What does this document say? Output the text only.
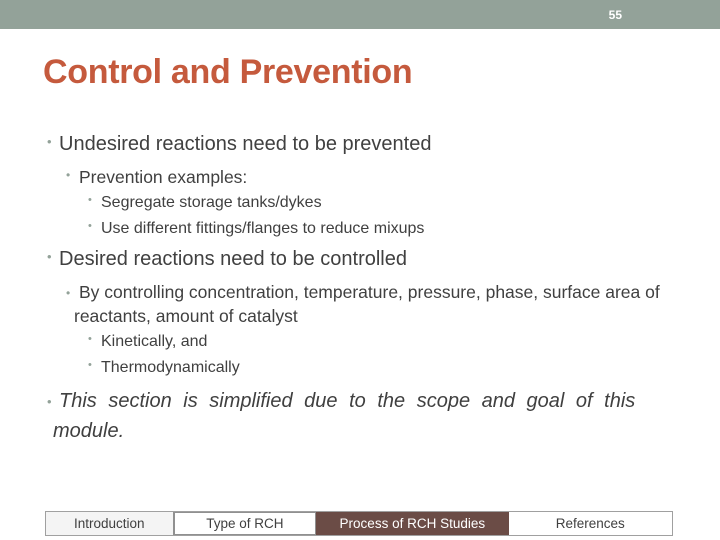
55
Control and Prevention
• Undesired reactions need to be prevented
• Prevention examples:
• Segregate storage tanks/dykes
• Use different fittings/flanges to reduce mixups
• Desired reactions need to be controlled
• By controlling concentration, temperature, pressure, phase, surface area of reactants, amount of catalyst
• Kinetically, and
• Thermodynamically
• This section is simplified due to the scope and goal of this module.
Introduction	Type of RCH	Process of RCH Studies	References
